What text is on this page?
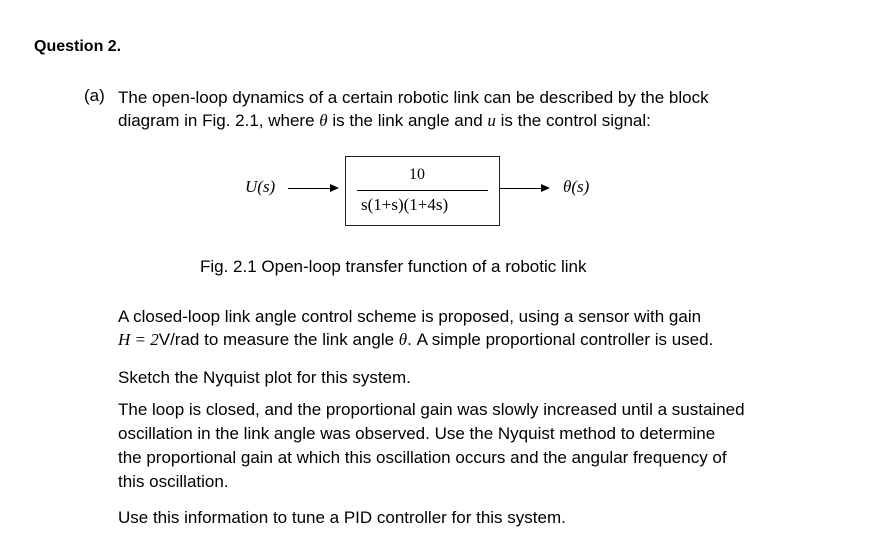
Question 2.
(a) The open-loop dynamics of a certain robotic link can be described by the block
diagram in Fig. 2.1, where θ is the link angle and u is the control signal:
U(s)
10
s(1+s)(1+4s)
θ(s)
Fig. 2.1 Open-loop transfer function of a robotic link
A closed-loop link angle control scheme is proposed, using a sensor with gain
H = 2V/rad to measure the link angle θ. A simple proportional controller is used.
Sketch the Nyquist plot for this system.
The loop is closed, and the proportional gain was slowly increased until a sustained
oscillation in the link angle was observed. Use the Nyquist method to determine
the proportional gain at which this oscillation occurs and the angular frequency of
this oscillation.
Use this information to tune a PID controller for this system.
